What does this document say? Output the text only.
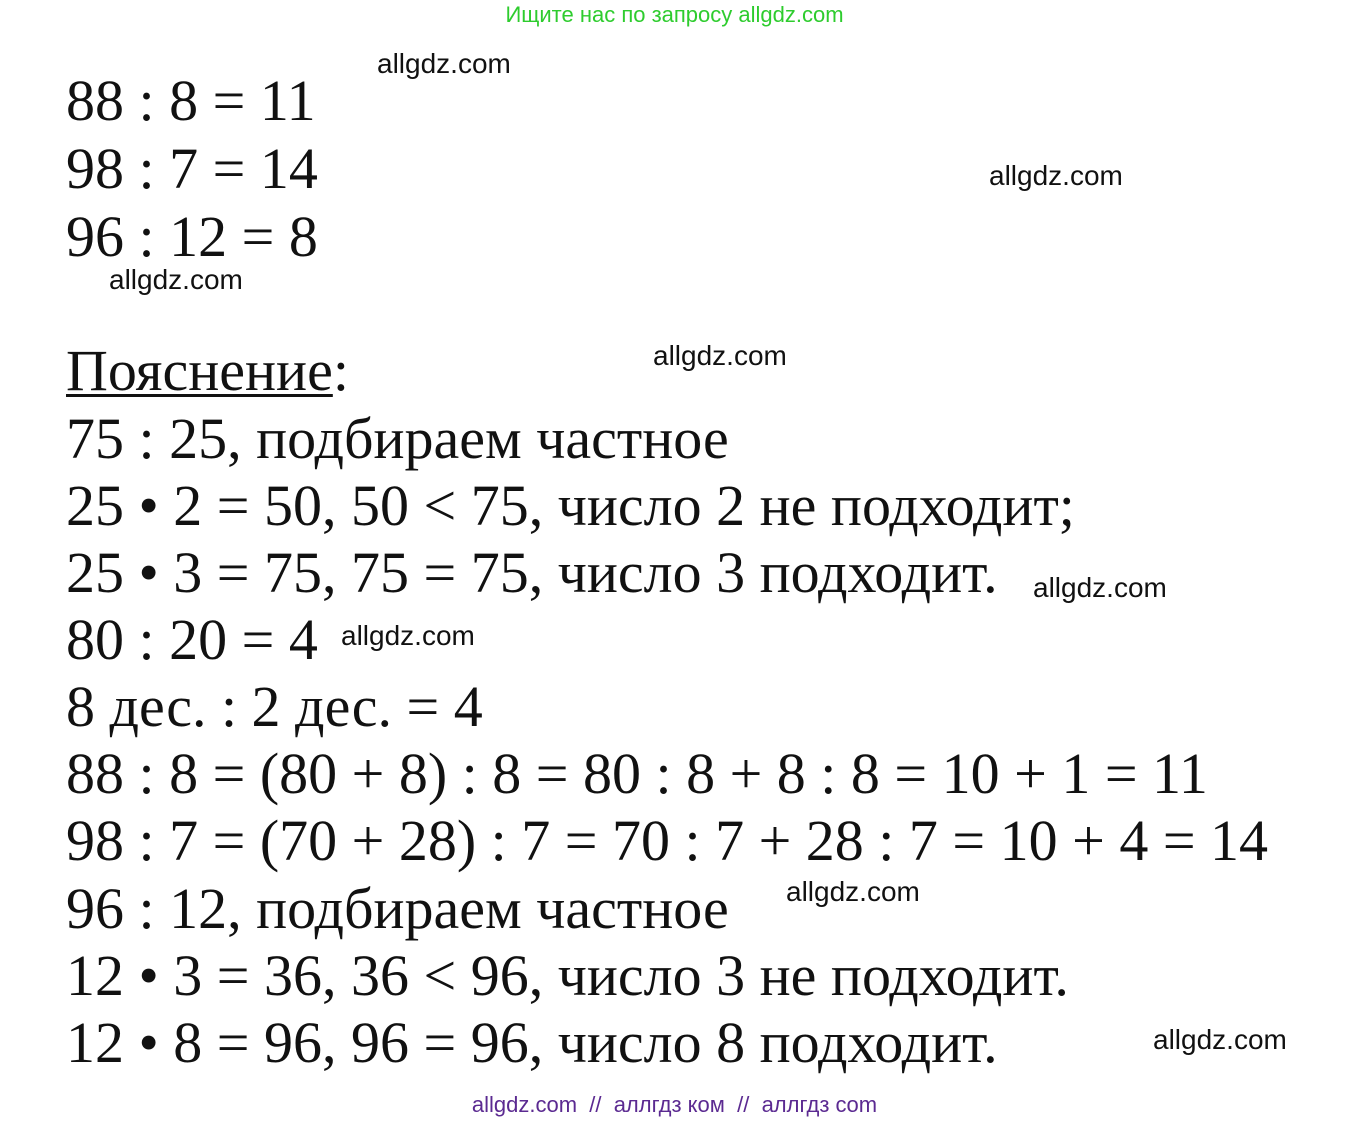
Ищите нас по запросу allgdz.com
allgdz.com
allgdz.com
allgdz.com
allgdz.com
allgdz.com
allgdz.com
allgdz.com
allgdz.com
88 : 8 = 11
98 : 7 = 14
96 : 12 = 8
Пояснение:
75 : 25, подбираем частное
25 • 2 = 50, 50 < 75, число 2 не подходит;
25 • 3 = 75, 75 = 75, число 3 подходит.
80 : 20 = 4
8 дес. : 2 дес. = 4
88 : 8 = (80 + 8) : 8 = 80 : 8 + 8 : 8 = 10 + 1 = 11
98 : 7 = (70 + 28) : 7 = 70 : 7 + 28 : 7 = 10 + 4 = 14
96 : 12, подбираем частное
12 • 3 = 36, 36 < 96, число 3 не подходит.
12 • 8 = 96, 96 = 96, число 8 подходит.
allgdz.com  //  аллгдз ком  //  аллгдз com
